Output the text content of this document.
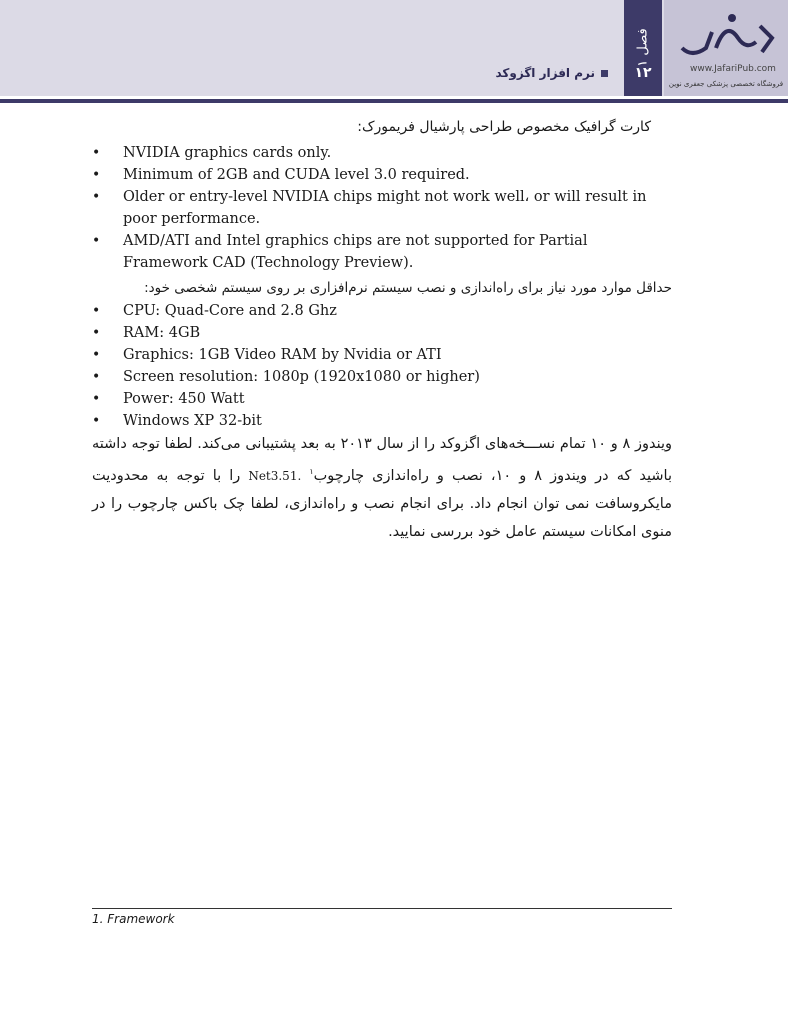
نرم افزار اگزوکد
فصل ۱
۱۲	www.JafariPub.com
فروشگاه تخصصی پزشکی جعفری نوین
کارت گرافیک مخصوص طراحی پارشیال فریمورک:
• NVIDIA graphics cards only.
• Minimum of 2GB and CUDA level 3.0 required.
• Older or entry-level NVIDIA chips might not work well، or will result in poor performance.
• AMD/ATI and Intel graphics chips are not supported for Partial Framework CAD (Technology Preview).
حداقل موارد مورد نیاز برای راه‌اندازی و نصب سیستم نرم‌افزاری بر روی سیستم شخصی خود:
• CPU: Quad-Core and 2.8 Ghz
• RAM: 4GB
• Graphics: 1GB Video RAM by Nvidia or ATI
• Screen resolution: 1080p (1920x1080 or higher)
• Power: 450 Watt
• Windows XP 32-bit

ویندوز ۸ و ۱۰ تمام نســـخه‌های اگزوکد را از سال ۲۰۱۳ به بعد پشتیبانی می‌کند. لطفا توجه داشته باشید که در ویندوز ۸ و ۱۰، نصب و راه‌اندازی چارچوب$^۱$ Net3.51. را با توجه به محدودیت مایکروسافت نمی توان انجام داد. برای انجام نصب و راه‌اندازی، لطفا چک باکس چارچوب را در منوی امکانات سیستم عامل خود بررسی نمایید.

1. Framework
